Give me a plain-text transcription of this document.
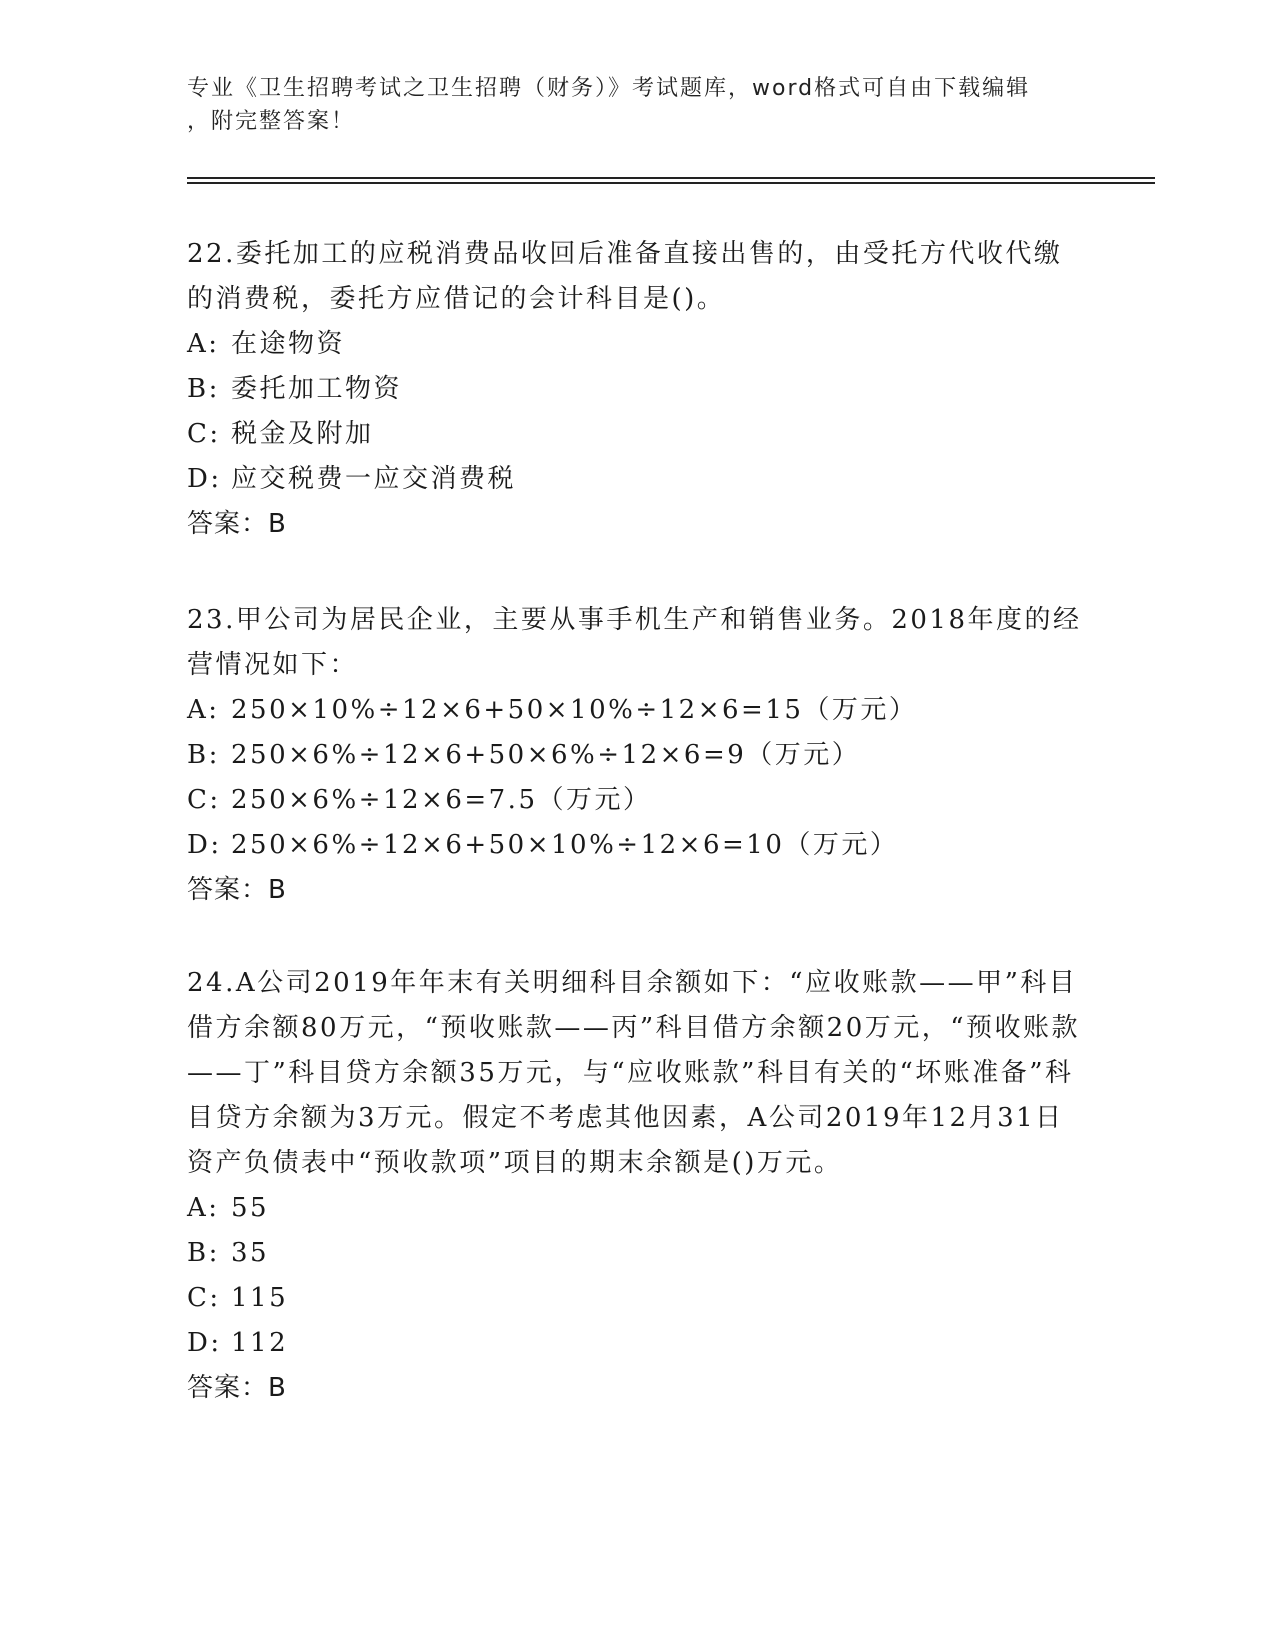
专业《卫生招聘考试之卫生招聘（财务）》考试题库，word格式可自由下载编辑
，附完整答案！
22.委托加工的应税消费品收回后准备直接出售的，由受托方代收代缴的消费税，委托方应借记的会计科目是()。
A: 在途物资
B: 委托加工物资
C: 税金及附加
D: 应交税费一应交消费税
答案：B
23.甲公司为居民企业，主要从事手机生产和销售业务。2018年度的经营情况如下：
A: 250×10%÷12×6+50×10%÷12×6=15（万元）
B: 250×6%÷12×6+50×6%÷12×6=9（万元）
C: 250×6%÷12×6=7.5（万元）
D: 250×6%÷12×6+50×10%÷12×6=10（万元）
答案：B
24.A公司2019年年末有关明细科目余额如下：“应收账款——甲”科目借方余额80万元，“预收账款——丙”科目借方余额20万元，“预收账款——丁”科目贷方余额35万元，与“应收账款”科目有关的“坏账准备”科目贷方余额为3万元。假定不考虑其他因素，A公司2019年12月31日资产负债表中“预收款项”项目的期末余额是()万元。
A: 55
B: 35
C: 115
D: 112
答案：B
